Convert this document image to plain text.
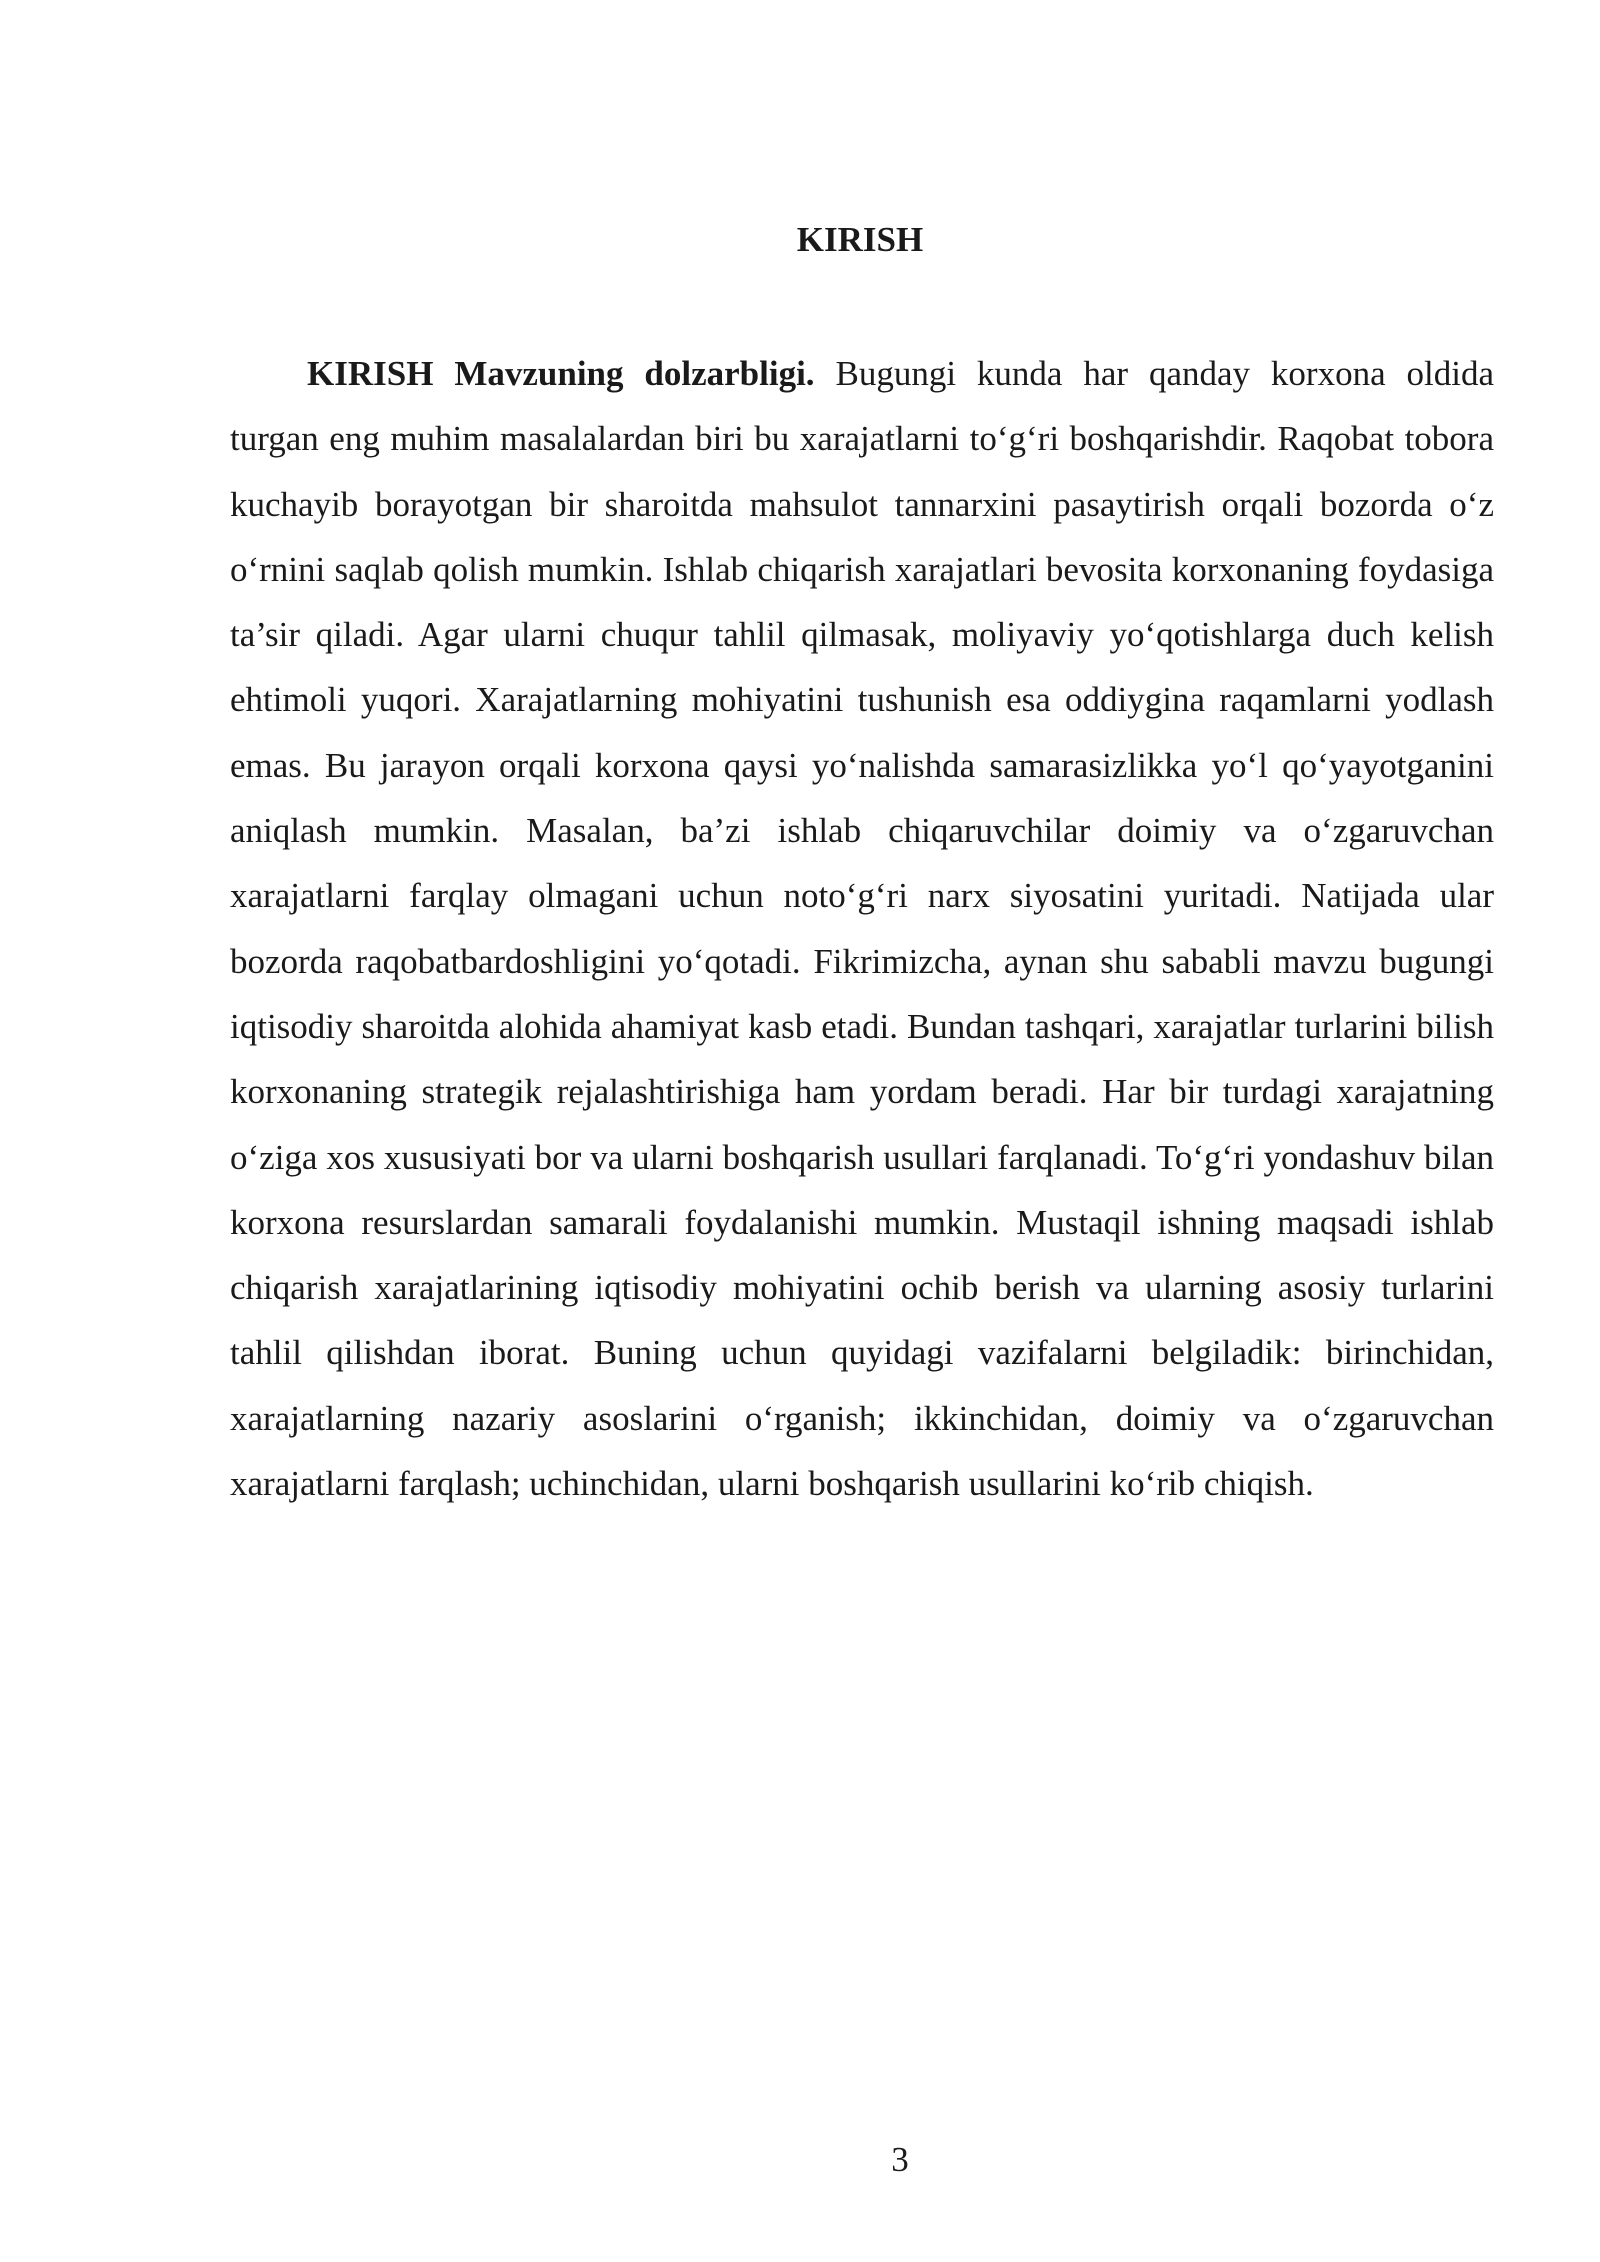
KIRISH

KIRISH Mavzuning dolzarbligi. Bugungi kunda har qanday korxona oldida turgan eng muhim masalalardan biri bu xarajatlarni to‘g‘ri boshqarishdir. Raqobat tobora kuchayib borayotgan bir sharoitda mahsulot tannarxini pasaytirish orqali bozorda o‘z o‘rnini saqlab qolish mumkin. Ishlab chiqarish xarajatlari bevosita korxonaning foydasiga ta’sir qiladi. Agar ularni chuqur tahlil qilmasak, moliyaviy yo‘qotishlarga duch kelish ehtimoli yuqori. Xarajatlarning mohiyatini tushunish esa oddiygina raqamlarni yodlash emas. Bu jarayon orqali korxona qaysi yo‘nalishda samarasizlikka yo‘l qo‘yayotganini aniqlash mumkin. Masalan, ba’zi ishlab chiqaruvchilar doimiy va o‘zgaruvchan xarajatlarni farqlay olmagani uchun noto‘g‘ri narx siyosatini yuritadi. Natijada ular bozorda raqobatbardoshligini yo‘qotadi. Fikrimizcha, aynan shu sababli mavzu bugungi iqtisodiy sharoitda alohida ahamiyat kasb etadi. Bundan tashqari, xarajatlar turlarini bilish korxonaning strategik rejalashtirishiga ham yordam beradi. Har bir turdagi xarajatning o‘ziga xos xususiyati bor va ularni boshqarish usullari farqlanadi. To‘g‘ri yondashuv bilan korxona resurslardan samarali foydalanishi mumkin. Mustaqil ishning maqsadi ishlab chiqarish xarajatlarining iqtisodiy mohiyatini ochib berish va ularning asosiy turlarini tahlil qilishdan iborat. Buning uchun quyidagi vazifalarni belgiladik: birinchidan, xarajatlarning nazariy asoslarini o‘rganish; ikkinchidan, doimiy va o‘zgaruvchan xarajatlarni farqlash; uchinchidan, ularni boshqarish usullarini ko‘rib chiqish.

3
